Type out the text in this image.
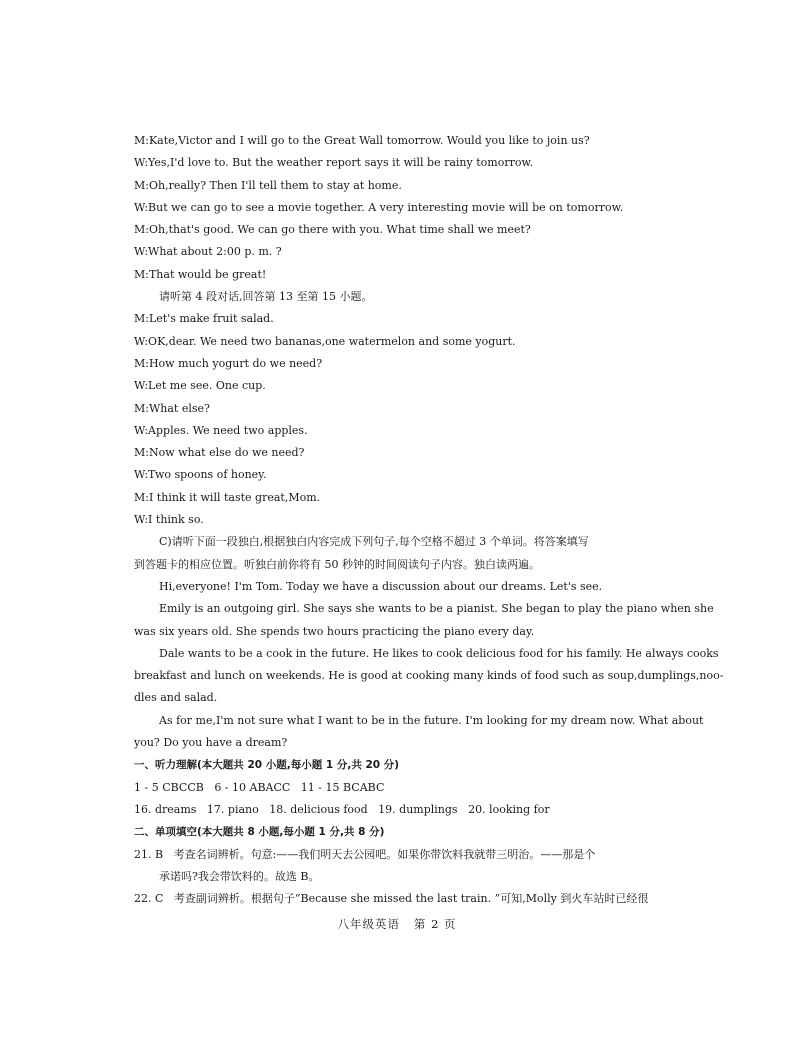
M:Kate,Victor and I will go to the Great Wall tomorrow. Would you like to join us?
W:Yes,I'd love to. But the weather report says it will be rainy tomorrow.
M:Oh,really? Then I'll tell them to stay at home.
W:But we can go to see a movie together. A very interesting movie will be on tomorrow.
M:Oh,that's good. We can go there with you. What time shall we meet?
W:What about 2:00 p. m. ?
M:That would be great!
请听第 4 段对话,回答第 13 至第 15 小题。
M:Let's make fruit salad.
W:OK,dear. We need two bananas,one watermelon and some yogurt.
M:How much yogurt do we need?
W:Let me see. One cup.
M:What else?
W:Apples. We need two apples.
M:Now what else do we need?
W:Two spoons of honey.
M:I think it will taste great,Mom.
W:I think so.
C)请听下面一段独白,根据独白内容完成下列句子,每个空格不超过 3 个单词。将答案填写
到答题卡的相应位置。听独白前你将有 50 秒钟的时间阅读句子内容。独白读两遍。
Hi,everyone! I'm Tom. Today we have a discussion about our dreams. Let's see.
Emily is an outgoing girl. She says she wants to be a pianist. She began to play the piano when she
was six years old. She spends two hours practicing the piano every day.
Dale wants to be a cook in the future. He likes to cook delicious food for his family. He always cooks
breakfast and lunch on weekends. He is good at cooking many kinds of food such as soup,dumplings,noo-
dles and salad.
As for me,I'm not sure what I want to be in the future. I'm looking for my dream now. What about
you? Do you have a dream?
一、听力理解(本大题共 20 小题,每小题 1 分,共 20 分)
1 - 5 CBCCB   6 - 10 ABACC   11 - 15 BCABC
16. dreams   17. piano   18. delicious food   19. dumplings   20. looking for
二、单项填空(本大题共 8 小题,每小题 1 分,共 8 分)
21. B   考查名词辨析。句意:——我们明天去公园吧。如果你带饮料我就带三明治。——那是个
承诺吗?我会带饮料的。故选 B。
22. C   考查副词辨析。根据句子“Because she missed the last train. ”可知,Molly 到火车站时已经很
八年级英语   第 2 页
